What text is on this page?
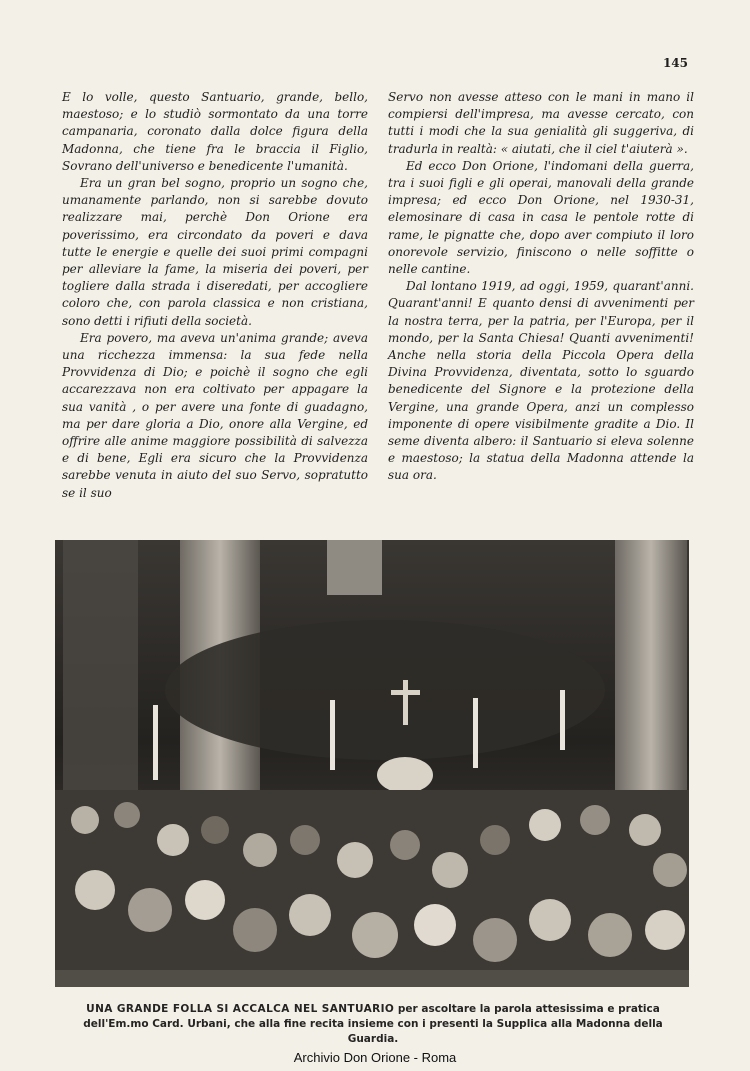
145

E lo volle, questo Santuario, grande, bello, maestoso; e lo studiò sormontato da una torre campanaria, coronato dalla dolce figura della Madonna, che tiene fra le braccia il Figlio, Sovrano dell'universo e benedicente l'umanità.

Era un gran bel sogno, proprio un sogno che, umanamente parlando, non si sarebbe dovuto realizzare mai, perchè Don Orione era poverissimo, era circondato da poveri e dava tutte le energie e quelle dei suoi primi compagni per alleviare la fame, la miseria dei poveri, per togliere dalla strada i diseredati, per accogliere coloro che, con parola classica e non cristiana, sono detti i rifiuti della società.

Era povero, ma aveva un'anima grande; aveva una ricchezza immensa: la sua fede nella Provvidenza di Dio; e poichè il sogno che egli accarezzava non era coltivato per appagare la sua vanità , o per avere una fonte di guadagno, ma per dare gloria a Dio, onore alla Vergine, ed offrire alle anime maggiore possibilità di salvezza e di bene, Egli era sicuro che la Provvidenza sarebbe venuta in aiuto del suo Servo, sopratutto se il suo

Servo non avesse atteso con le mani in mano il compiersi dell'impresa, ma avesse cercato, con tutti i modi che la sua genialità gli suggeriva, di tradurla in realtà: « aiutati, che il ciel t'aiuterà ».

Ed ecco Don Orione, l'indomani della guerra, tra i suoi figli e gli operai, manovali della grande impresa; ed ecco Don Orione, nel 1930-31, elemosinare di casa in casa le pentole rotte di rame, le pignatte che, dopo aver compiuto il loro onorevole servizio, finiscono o nelle soffitte o nelle cantine.

Dal lontano 1919, ad oggi, 1959, quarant'anni. Quarant'anni! E quanto densi di avvenimenti per la nostra terra, per la patria, per l'Europa, per il mondo, per la Santa Chiesa! Quanti avvenimenti! Anche nella storia della Piccola Opera della Divina Provvidenza, diventata, sotto lo sguardo benedicente del Signore e la protezione della Vergine, una grande Opera, anzi un complesso imponente di opere visibilmente gradite a Dio. Il seme diventa albero: il Santuario si eleva solenne e maestoso; la statua della Madonna attende la sua ora.

UNA GRANDE FOLLA SI ACCALCA NEL SANTUARIO per ascoltare la parola attesissima e pratica dell'Em.mo Card. Urbani, che alla fine recita insieme con i presenti la Supplica alla Madonna della Guardia.
Archivio Don Orione - Roma
